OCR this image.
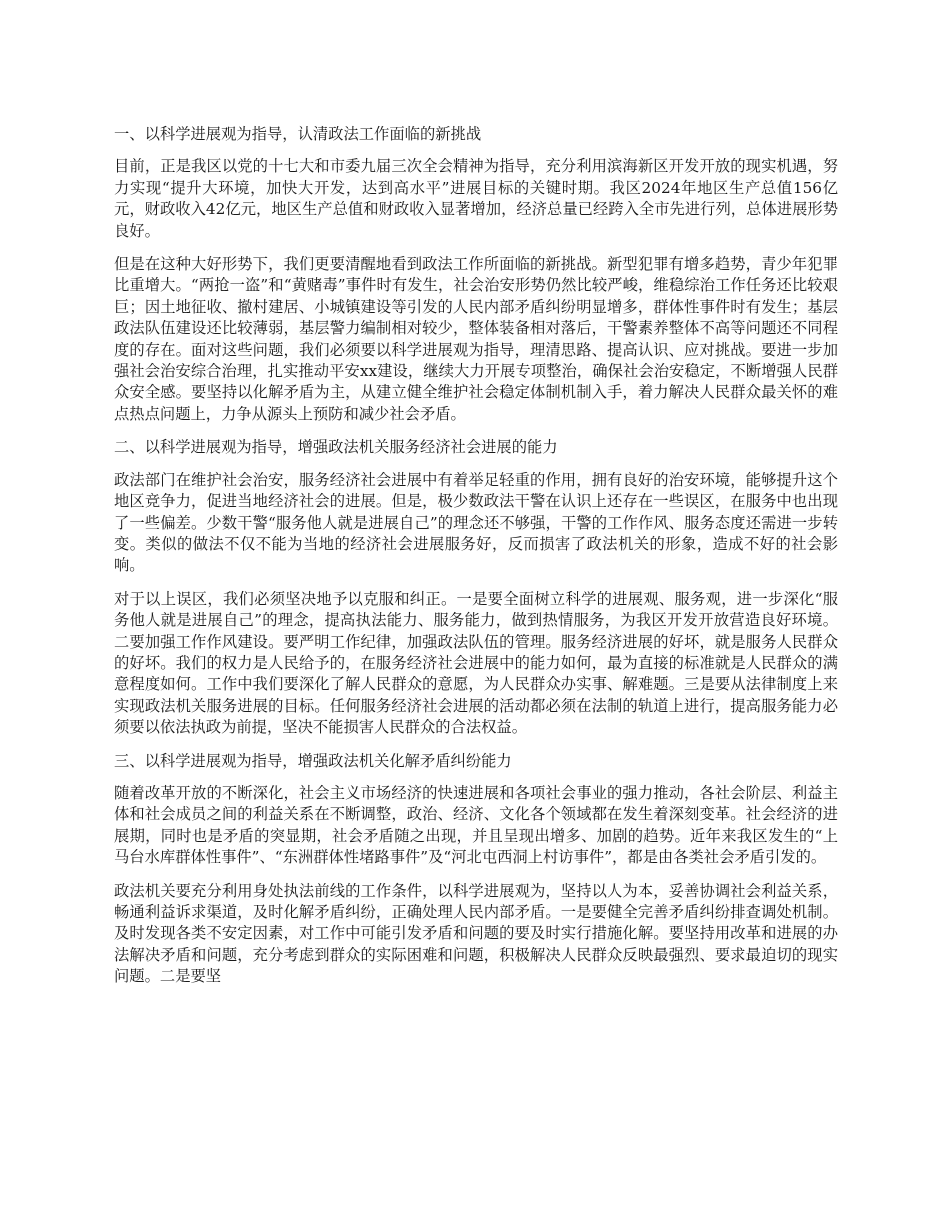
一、以科学进展观为指导，认清政法工作面临的新挑战

目前，正是我区以党的十七大和市委九届三次全会精神为指导，充分利用滨海新区开发开放的现实机遇，努力实现“提升大环境，加快大开发，达到高水平”进展目标的关键时期。我区2024年地区生产总值156亿元，财政收入42亿元，地区生产总值和财政收入显著增加，经济总量已经跨入全市先进行列，总体进展形势良好。

但是在这种大好形势下，我们更要清醒地看到政法工作所面临的新挑战。新型犯罪有增多趋势，青少年犯罪比重增大。“两抢一盗”和“黄赌毒”事件时有发生，社会治安形势仍然比较严峻，维稳综治工作任务还比较艰巨；因土地征收、撤村建居、小城镇建设等引发的人民内部矛盾纠纷明显增多，群体性事件时有发生；基层政法队伍建设还比较薄弱，基层警力编制相对较少，整体装备相对落后，干警素养整体不高等问题还不同程度的存在。面对这些问题，我们必须要以科学进展观为指导，理清思路、提高认识、应对挑战。要进一步加强社会治安综合治理，扎实推动平安xx建设，继续大力开展专项整治，确保社会治安稳定，不断增强人民群众安全感。要坚持以化解矛盾为主，从建立健全维护社会稳定体制机制入手，着力解决人民群众最关怀的难点热点问题上，力争从源头上预防和减少社会矛盾。

二、以科学进展观为指导，增强政法机关服务经济社会进展的能力

政法部门在维护社会治安，服务经济社会进展中有着举足轻重的作用，拥有良好的治安环境，能够提升这个地区竞争力，促进当地经济社会的进展。但是，极少数政法干警在认识上还存在一些误区，在服务中也出现了一些偏差。少数干警“服务他人就是进展自己”的理念还不够强，干警的工作作风、服务态度还需进一步转变。类似的做法不仅不能为当地的经济社会进展服务好，反而损害了政法机关的形象，造成不好的社会影响。

对于以上误区，我们必须坚决地予以克服和纠正。一是要全面树立科学的进展观、服务观，进一步深化“服务他人就是进展自己”的理念，提高执法能力、服务能力，做到热情服务，为我区开发开放营造良好环境。二要加强工作作风建设。要严明工作纪律，加强政法队伍的管理。服务经济进展的好坏，就是服务人民群众的好坏。我们的权力是人民给予的，在服务经济社会进展中的能力如何，最为直接的标准就是人民群众的满意程度如何。工作中我们要深化了解人民群众的意愿，为人民群众办实事、解难题。三是要从法律制度上来实现政法机关服务进展的目标。任何服务经济社会进展的活动都必须在法制的轨道上进行，提高服务能力必须要以依法执政为前提，坚决不能损害人民群众的合法权益。

三、以科学进展观为指导，增强政法机关化解矛盾纠纷能力

随着改革开放的不断深化，社会主义市场经济的快速进展和各项社会事业的强力推动，各社会阶层、利益主体和社会成员之间的利益关系在不断调整，政治、经济、文化各个领域都在发生着深刻变革。社会经济的进展期，同时也是矛盾的突显期，社会矛盾随之出现，并且呈现出增多、加剧的趋势。近年来我区发生的“上马台水库群体性事件”、“东洲群体性堵路事件”及“河北屯西洞上村访事件”，都是由各类社会矛盾引发的。

政法机关要充分利用身处执法前线的工作条件，以科学进展观为，坚持以人为本，妥善协调社会利益关系，畅通利益诉求渠道，及时化解矛盾纠纷，正确处理人民内部矛盾。一是要健全完善矛盾纠纷排查调处机制。及时发现各类不安定因素，对工作中可能引发矛盾和问题的要及时实行措施化解。要坚持用改革和进展的办法解决矛盾和问题，充分考虑到群众的实际困难和问题，积极解决人民群众反映最强烈、要求最迫切的现实问题。二是要坚
